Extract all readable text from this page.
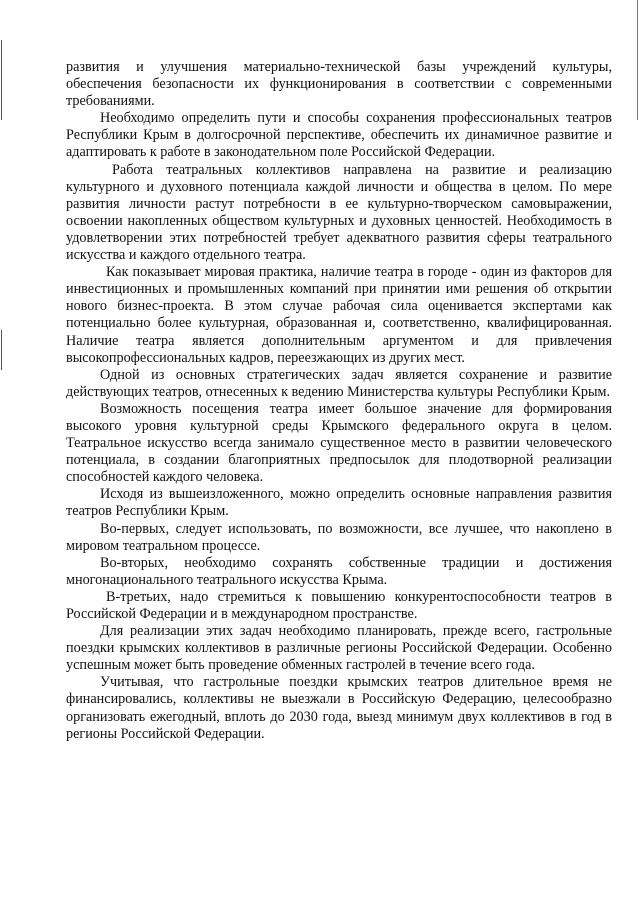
развития и улучшения материально-технической базы учреждений культуры, обеспечения безопасности их функционирования в соответствии с современными требованиями.

Необходимо определить пути и способы сохранения профессиональных театров Республики Крым в долгосрочной перспективе, обеспечить их динамичное развитие и адаптировать к работе в законодательном поле Российской Федерации.

Работа театральных коллективов направлена на развитие и реализацию культурного и духовного потенциала каждой личности и общества в целом. По мере развития личности растут потребности в ее культурно-творческом самовыражении, освоении накопленных обществом культурных и духовных ценностей. Необходимость в удовлетворении этих потребностей требует адекватного развития сферы театрального искусства и каждого отдельного театра.

Как показывает мировая практика, наличие театра в городе - один из факторов для инвестиционных и промышленных компаний при принятии ими решения об открытии нового бизнес-проекта. В этом случае рабочая сила оценивается экспертами как потенциально более культурная, образованная и, соответственно, квалифицированная. Наличие театра является дополнительным аргументом и для привлечения высокопрофессиональных кадров, переезжающих из других мест.

Одной из основных стратегических задач является сохранение и развитие действующих театров, отнесенных к ведению Министерства культуры Республики Крым.

Возможность посещения театра имеет большое значение для формирования высокого уровня культурной среды Крымского федерального округа в целом. Театральное искусство всегда занимало существенное место в развитии человеческого потенциала, в создании благоприятных предпосылок для плодотворной реализации способностей каждого человека.

Исходя из вышеизложенного, можно определить основные направления развития театров Республики Крым.

Во-первых, следует использовать, по возможности, все лучшее, что накоплено в мировом театральном процессе.

Во-вторых, необходимо сохранять собственные традиции и достижения многонационального театрального искусства Крыма.

В-третьих, надо стремиться к повышению конкурентоспособности театров в Российской Федерации и в международном пространстве.

Для реализации этих задач необходимо планировать, прежде всего, гастрольные поездки крымских коллективов в различные регионы Российской Федерации. Особенно успешным может быть проведение обменных гастролей в течение всего года.

Учитывая, что гастрольные поездки крымских театров длительное время не финансировались, коллективы не выезжали в Российскую Федерацию, целесообразно организовать ежегодный, вплоть до 2030 года, выезд минимум двух коллективов в год в регионы Российской Федерации.
